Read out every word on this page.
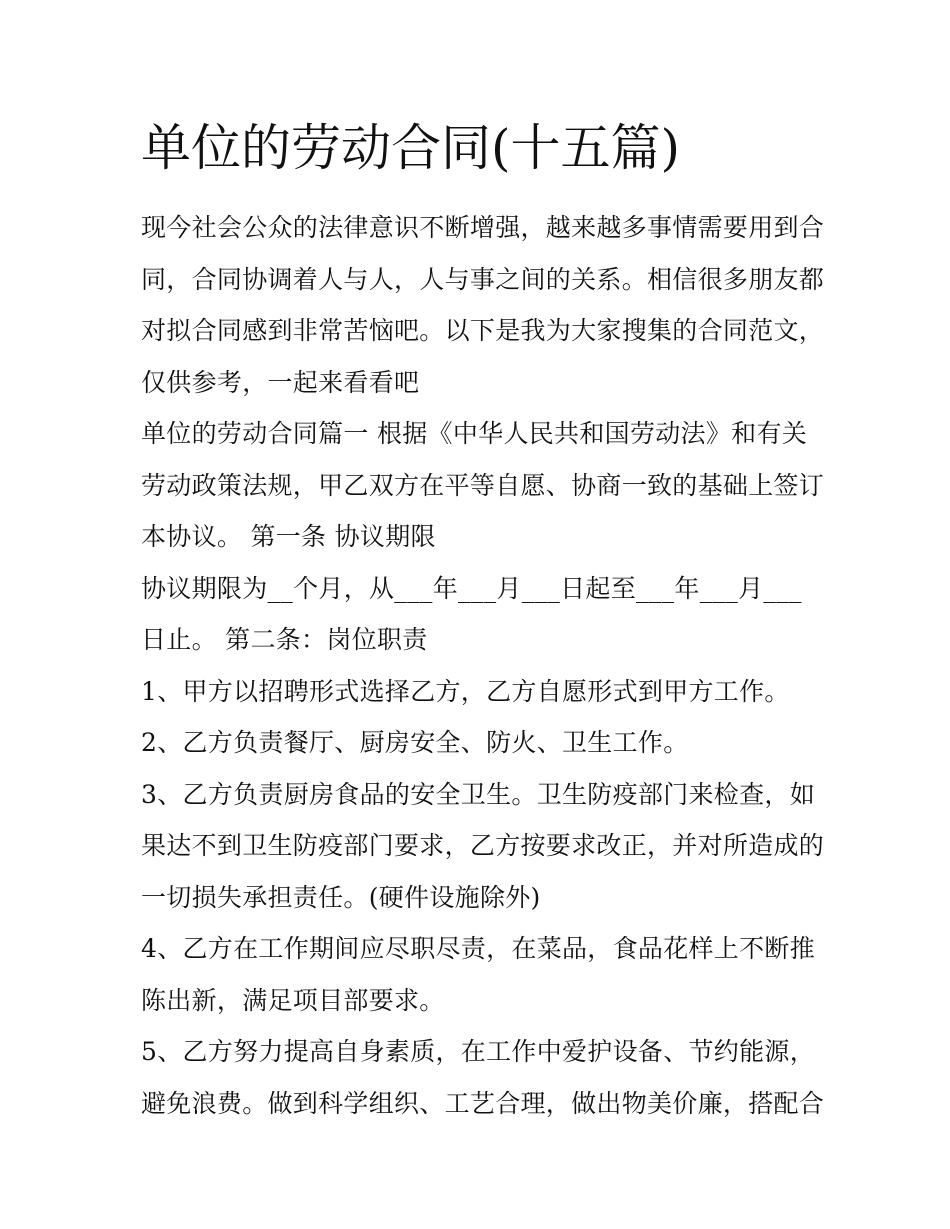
单位的劳动合同(十五篇)
现今社会公众的法律意识不断增强，越来越多事情需要用到合
同，合同协调着人与人，人与事之间的关系。相信很多朋友都
对拟合同感到非常苦恼吧。以下是我为大家搜集的合同范文，
仅供参考，一起来看看吧
单位的劳动合同篇一 根据《中华人民共和国劳动法》和有关
劳动政策法规，甲乙双方在平等自愿、协商一致的基础上签订
本协议。 第一条 协议期限
协议期限为__个月，从___年___月___日起至___年___月___
日止。 第二条：岗位职责
1、甲方以招聘形式选择乙方，乙方自愿形式到甲方工作。
2、乙方负责餐厅、厨房安全、防火、卫生工作。
3、乙方负责厨房食品的安全卫生。卫生防疫部门来检查，如
果达不到卫生防疫部门要求，乙方按要求改正，并对所造成的
一切损失承担责任。(硬件设施除外)
4、乙方在工作期间应尽职尽责，在菜品，食品花样上不断推
陈出新，满足项目部要求。
5、乙方努力提高自身素质，在工作中爱护设备、节约能源，
避免浪费。做到科学组织、工艺合理，做出物美价廉，搭配合
